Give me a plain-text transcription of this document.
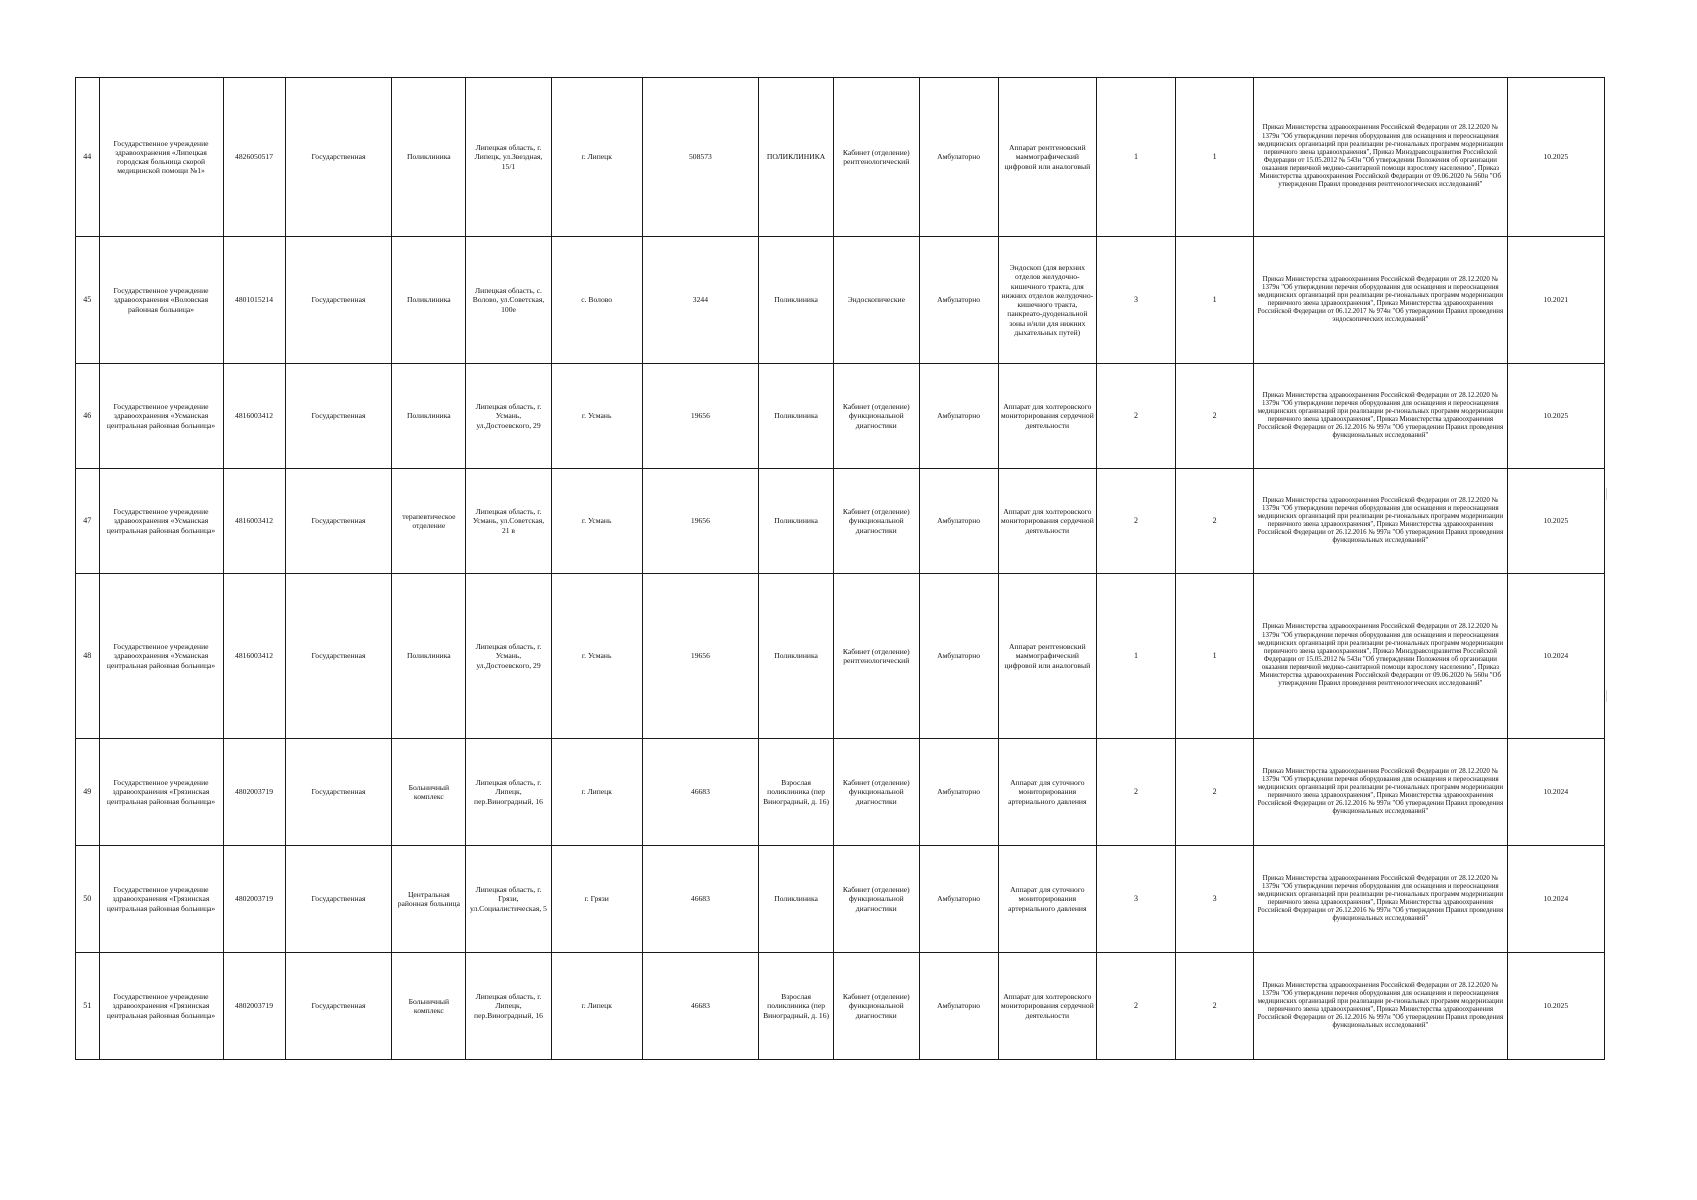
44	Государственное учреждение здравоохранения «Липецкая городская больница скорой медицинской помощи №1»	4826050517	Государственная	Поликлиника	Липецкая область, г. Липецк, ул.Звездная, 15/1	г. Липецк	508573	ПОЛИКЛИНИКА	Кабинет (отделение) рентгенологический	Амбулаторно	Аппарат рентгеновский маммографический цифровой или аналоговый	1	1	Приказ Министерства здравоохранения Российской Федерации от 28.12.2020 № 1379н "Об утверждении перечня оборудования для оснащения и переоснащения медицинских организаций при реализации ре-гиональных программ модернизации первичного звена здравоохранения", Приказ Минздравсоцразвития Российской Федерации от 15.05.2012 № 543н "Об утверждении Положения об организации оказания первичной медико-санитарной помощи взрослому населению", Приказ Министерства здравоохранения Российской Федерации от 09.06.2020 № 560н "Об утверждении Правил проведения рентгенологических исследований"	10.2025
45	Государственное учреждение здравоохранения «Воловская районная больница»	4801015214	Государственная	Поликлиника	Липецкая область, с. Волово, ул.Советская, 100е	с. Волово	3244	Поликлиника	Эндоскопические	Амбулаторно	Эндоскоп (для верхних отделов желудочно-кишечного тракта, для нижних отделов желудочно-кишечного тракта, панкреато-дуоденальной зоны и/или для нижних дыхательных путей)	3	1	Приказ Министерства здравоохранения Российской Федерации от 28.12.2020 № 1379н "Об утверждении перечня оборудования для оснащения и переоснащения медицинских организаций при реализации ре-гиональных программ модернизации первичного звена здравоохранения", Приказ Министерства здравоохранения Российской Федерации от 06.12.2017 № 974н "Об утверждении Правил проведения эндоскопических исследований"	10.2021
46	Государственное учреждение здравоохранения «Усманская центральная районная больница»	4816003412	Государственная	Поликлиника	Липецкая область, г. Усмань, ул.Достоевского, 29	г. Усмань	19656	Поликлиника	Кабинет (отделение) функциональной диагностики	Амбулаторно	Аппарат для холтеровского мониторирования сердечной деятельности	2	2	Приказ Министерства здравоохранения Российской Федерации от 28.12.2020 № 1379н "Об утверждении перечня оборудования для оснащения и переоснащения медицинских организаций при реализации ре-гиональных программ модернизации первичного звена здравоохранения", Приказ Министерства здравоохранения Российской Федерации от 26.12.2016 № 997н "Об утверждении Правил проведения функциональных исследований"	10.2025
47	Государственное учреждение здравоохранения «Усманская центральная районная больница»	4816003412	Государственная	терапевтическое отделение	Липецкая область, г. Усмань, ул.Советская, 21 в	г. Усмань	19656	Поликлиника	Кабинет (отделение) функциональной диагностики	Амбулаторно	Аппарат для холтеровского мониторирования сердечной деятельности	2	2	Приказ Министерства здравоохранения Российской Федерации от 28.12.2020 № 1379н "Об утверждении перечня оборудования для оснащения и переоснащения медицинских организаций при реализации ре-гиональных программ модернизации первичного звена здравоохранения", Приказ Министерства здравоохранения Российской Федерации от 26.12.2016 № 997н "Об утверждении Правил проведения функциональных исследований"	10.2025
48	Государственное учреждение здравоохранения «Усманская центральная районная больница»	4816003412	Государственная	Поликлиника	Липецкая область, г. Усмань, ул.Достоевского, 29	г. Усмань	19656	Поликлиника	Кабинет (отделение) рентгенологический	Амбулаторно	Аппарат рентгеновский маммографический цифровой или аналоговый	1	1	Приказ Министерства здравоохранения Российской Федерации от 28.12.2020 № 1379н "Об утверждении перечня оборудования для оснащения и переоснащения медицинских организаций при реализации ре-гиональных программ модернизации первичного звена здравоохранения", Приказ Минздравсоцразвития Российской Федерации от 15.05.2012 № 543н "Об утверждении Положения об организации оказания первичной медико-санитарной помощи взрослому населению", Приказ Министерства здравоохранения Российской Федерации от 09.06.2020 № 560н "Об утверждении Правил проведения рентгенологических исследований"	10.2024
49	Государственное учреждение здравоохранения «Грязинская центральная районная больница»	4802003719	Государственная	Больничный комплекс	Липецкая область, г. Липецк, пер.Виноградный, 16	г. Липецк	46683	Взрослая поликлиника (пер Виноградный, д. 16)	Кабинет (отделение) функциональной диагностики	Амбулаторно	Аппарат для суточного мониторирования артериального давления	2	2	Приказ Министерства здравоохранения Российской Федерации от 28.12.2020 № 1379н "Об утверждении перечня оборудования для оснащения и переоснащения медицинских организаций при реализации ре-гиональных программ модернизации первичного звена здравоохранения", Приказ Министерства здравоохранения Российской Федерации от 26.12.2016 № 997н "Об утверждении Правил проведения функциональных исследований"	10.2024
50	Государственное учреждение здравоохранения «Грязинская центральная районная больница»	4802003719	Государственная	Центральная районная больница	Липецкая область, г. Грязи, ул.Социалистическая, 5	г. Грязи	46683	Поликлиника	Кабинет (отделение) функциональной диагностики	Амбулаторно	Аппарат для суточного мониторирования артериального давления	3	3	Приказ Министерства здравоохранения Российской Федерации от 28.12.2020 № 1379н "Об утверждении перечня оборудования для оснащения и переоснащения медицинских организаций при реализации ре-гиональных программ модернизации первичного звена здравоохранения", Приказ Министерства здравоохранения Российской Федерации от 26.12.2016 № 997н "Об утверждении Правил проведения функциональных исследований"	10.2024
51	Государственное учреждение здравоохранения «Грязинская центральная районная больница»	4802003719	Государственная	Больничный комплекс	Липецкая область, г. Липецк, пер.Виноградный, 16	г. Липецк	46683	Взрослая поликлиника (пер Виноградный, д. 16)	Кабинет (отделение) функциональной диагностики	Амбулаторно	Аппарат для холтеровского мониторирования сердечной деятельности	2	2	Приказ Министерства здравоохранения Российской Федерации от 28.12.2020 № 1379н "Об утверждении перечня оборудования для оснащения и переоснащения медицинских организаций при реализации ре-гиональных программ модернизации первичного звена здравоохранения", Приказ Министерства здравоохранения Российской Федерации от 26.12.2016 № 997н "Об утверждении Правил проведения функциональных исследований"	10.2025
